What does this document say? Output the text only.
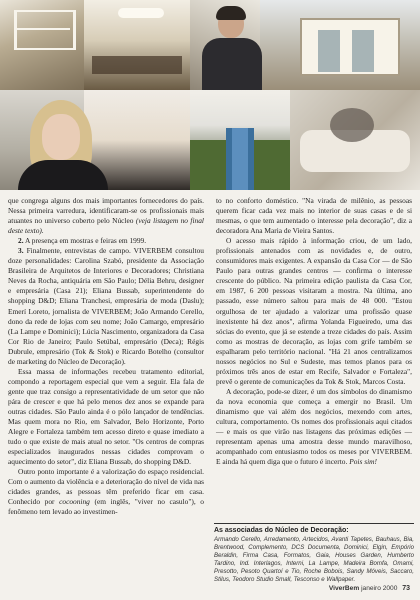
que congrega alguns dos mais importantes fornecedores do país. Nessa primeira varredura, identificaram-se os profissionais mais atuantes no universo coberto pelo Núcleo (veja listagem no final deste texto).

2. A presença em mostras e feiras em 1999.

3. Finalmente, entrevistas de campo. VIVERBEM consultou doze personalidades: Carolina Szabó, presidente da Associação Brasileira de Arquitetos de Interiores e Decoradores; Christiana Neves da Rocha, antiquária em São Paulo; Délia Behru, designer e empresária (Casa 21); Eliana Bussab, superintendente do shopping D&D; Eliana Tranchesi, empresária de moda (Daslu); Emerí Loreto, jornalista de VIVERBEM; João Armando Cerello, dono da rede de lojas com seu nome; João Camargo, empresário (La Lampe e Dominici); Lúcia Nascimento, organizadora da Casa Cor Rio de Janeiro; Paulo Setúbal, empresário (Deca); Régis Dubrule, empresário (Tok & Stok) e Ricardo Botelho (consultor de marketing do Núcleo de Decoração).

Essa massa de informações recebeu tratamento editorial, compondo a reportagem especial que vem a seguir. Ela fala de gente que traz consigo a representatividade de um setor que não pára de crescer e que há pelo menos dez anos se expande para outras cidades. São Paulo ainda é o pólo lançador de tendências. Mas quem mora no Rio, em Salvador, Belo Horizonte, Porto Alegre e Fortaleza também tem acesso direto e quase imediato a tudo o que existe de mais atual no setor. "Os centros de compras especializados inaugurados nessas cidades comprovam o aquecimento do setor", diz Eliana Bussab, do shopping D&D.

Outro ponto importante é a valorização do espaço residencial. Com o aumento da violência e a deterioração do nível de vida nas cidades grandes, as pessoas têm preferido ficar em casa. Conhecido por cocooning (em inglês, "viver no casulo"), o fenômeno tem levado ao investimen-

to no conforto doméstico. "Na virada de milênio, as pessoas querem ficar cada vez mais no interior de suas casas e de si mesmas, o que tem aumentado o interesse pela decoração", diz a decoradora Ana Maria de Vieira Santos.

O acesso mais rápido à informação criou, de um lado, profissionais antenados com as novidades e, de outro, consumidores mais exigentes. A expansão da Casa Cor — de São Paulo para outras grandes centros — confirma o interesse crescente do público. Na primeira edição paulista da Casa Cor, em 1987, 6 200 pessoas visitaram a mostra. Na última, ano passado, esse número saltou para mais de 48 000. "Estou orgulhosa de ter ajudado a valorizar uma profissão quase inexistente há dez anos", afirma Yolanda Figueiredo, uma das sócias do evento, que já se estende a treze cidades do país. Assim como as mostras de decoração, as lojas com grife também se espalharam pelo território nacional. "Há 21 anos centralizamos nossos negócios no Sul e Sudeste, mas temos planos para os próximos três anos de estar em Recife, Salvador e Fortaleza", prevê o gerente de comunicações da Tok & Stok, Marcos Costa.

A decoração, pode-se dizer, é um dos símbolos do dinamismo da nova economia que começa a emergir no Brasil. Um dinamismo que vai além dos negócios, mexendo com artes, cultura, comportamento. Os nomes dos profissionais aqui citados — e mais os que virão nas listagens das próximas edições — representam apenas uma amostra desse mundo maravilhoso, acompanhado com entusiasmo todos os meses por VIVERBEM. E ainda há quem diga que o futuro é incerto. Pois sim!

As associadas do Núcleo de Decoração:

Armando Cerello, Arredamento, Artecidos, Avanti Tapetes, Bauhaus, Bia, Brentwood, Complemento, DCS Documenta, Dominici, Elgin, Empório Beraldin, Firma Casa, Formatos, Gaia, Houses Garden, Humberto Tardino, Ind. Interlagos, Interni, La Lampe, Madeira Bomfa, Omami, Presotto, Pesoto Quartoí e Tio, Roche Bobois, Sandy Móveis, Saccaro, Stilus, Teodoro Studio Small, Tesconso e Wallpaper.

ViverBem janeiro 2000 73
